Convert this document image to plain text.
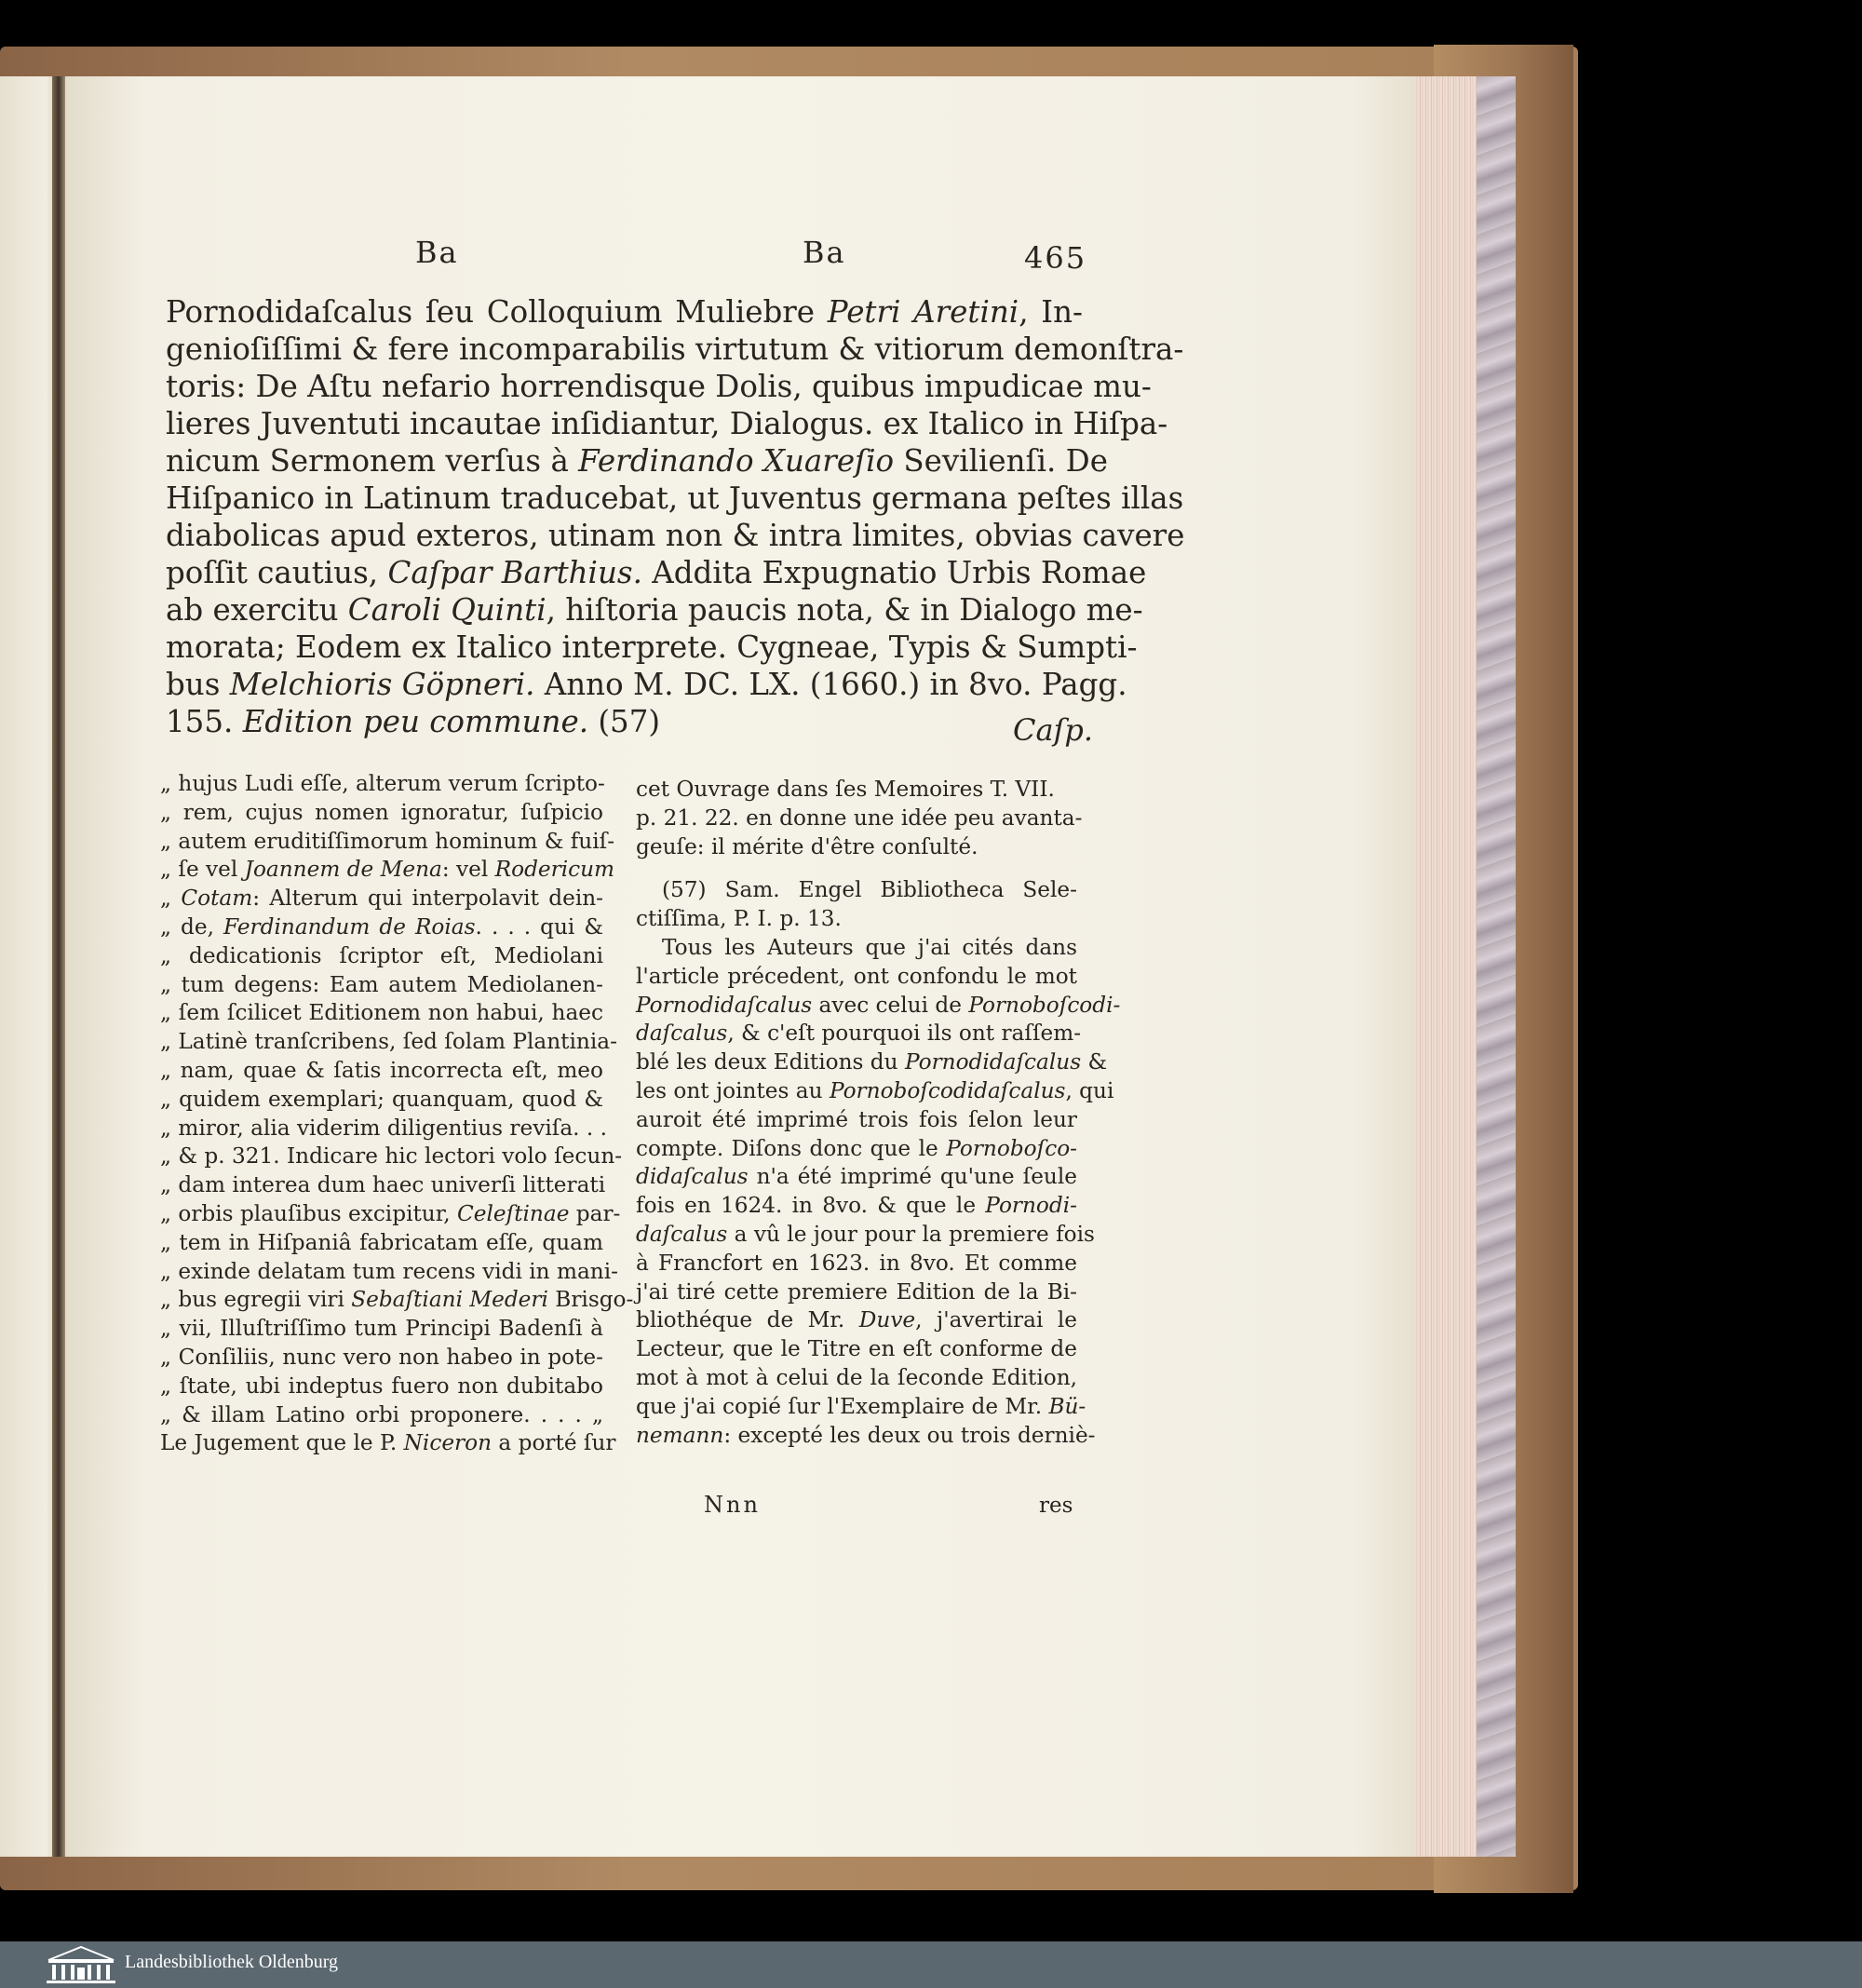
Ba	Ba	465
Pornodidaſcalus ſeu Colloquium Muliebre Petri Aretini, In-
genioſiſſimi & fere incomparabilis virtutum & vitiorum demonſtra-
toris: De Aſtu nefario horrendisque Dolis, quibus impudicae mu-
lieres Juventuti incautae inſidiantur, Dialogus. ex Italico in Hiſpa-
nicum Sermonem verſus à Ferdinando Xuareſio Sevilienſi. De
Hiſpanico in Latinum traducebat, ut Juventus germana peſtes illas
diabolicas apud exteros, utinam non & intra limites, obvias cavere
poſſit cautius, Caſpar Barthius. Addita Expugnatio Urbis Romae
ab exercitu Caroli Quinti, hiſtoria paucis nota, & in Dialogo me-
morata; Eodem ex Italico interprete. Cygneae, Typis & Sumpti-
bus Melchioris Göpneri. Anno M. DC. LX. (1660.) in 8vo. Pagg.
155. Edition peu commune. (57)	Caſp.
„ hujus Ludi eſſe, alterum verum ſcripto-
„ rem, cujus nomen ignoratur, ſuſpicio
„ autem eruditiſſimorum hominum & fuiſ-
„ ſe vel Joannem de Mena: vel Rodericum
„ Cotam: Alterum qui interpolavit dein-
„ de, Ferdinandum de Roias. . . . qui &
„ dedicationis ſcriptor eſt, Mediolani
„ tum degens: Eam autem Mediolanen-
„ ſem ſcilicet Editionem non habui, haec
„ Latinè tranſcribens, ſed ſolam Plantinia-
„ nam, quae & ſatis incorrecta eſt, meo
„ quidem exemplari; quanquam, quod &
„ miror, alia viderim diligentius reviſa. . .
„ & p. 321. Indicare hic lectori volo ſecun-
„ dam interea dum haec univerſi litterati
„ orbis plauſibus excipitur, Celeſtinae par-
„ tem in Hiſpaniâ fabricatam eſſe, quam
„ exinde delatam tum recens vidi in mani-
„ bus egregii viri Sebaſtiani Mederi Brisgo-
„ vii, Illuſtriſſimo tum Principi Badenſi à
„ Conſiliis, nunc vero non habeo in pote-
„ ſtate, ubi indeptus fuero non dubitabo
„ & illam Latino orbi proponere. . . . „
Le Jugement que le P. Niceron a porté ſur
cet Ouvrage dans ſes Memoires T. VII.
p. 21. 22. en donne une idée peu avanta-
geuſe: il mérite d'être conſulté.
(57) Sam. Engel Bibliotheca Sele-
ctiſſima, P. I. p. 13.
Tous les Auteurs que j'ai cités dans
l'article précedent, ont confondu le mot
Pornodidaſcalus avec celui de Pornoboſcodi-
daſcalus, & c'eſt pourquoi ils ont raſſem-
blé les deux Editions du Pornodidaſcalus &
les ont jointes au Pornoboſcodidaſcalus, qui
auroit été imprimé trois fois ſelon leur
compte. Diſons donc que le Pornoboſco-
didaſcalus n'a été imprimé qu'une ſeule
fois en 1624. in 8vo. & que le Pornodi-
daſcalus a vû le jour pour la premiere fois
à Francfort en 1623. in 8vo. Et comme
j'ai tiré cette premiere Edition de la Bi-
bliothéque de Mr. Duve, j'avertirai le
Lecteur, que le Titre en eſt conforme de
mot à mot à celui de la ſeconde Edition,
que j'ai copié ſur l'Exemplaire de Mr. Bü-
nemann: excepté les deux ou trois derniè-
Nnn	res
Landesbibliothek Oldenburg
